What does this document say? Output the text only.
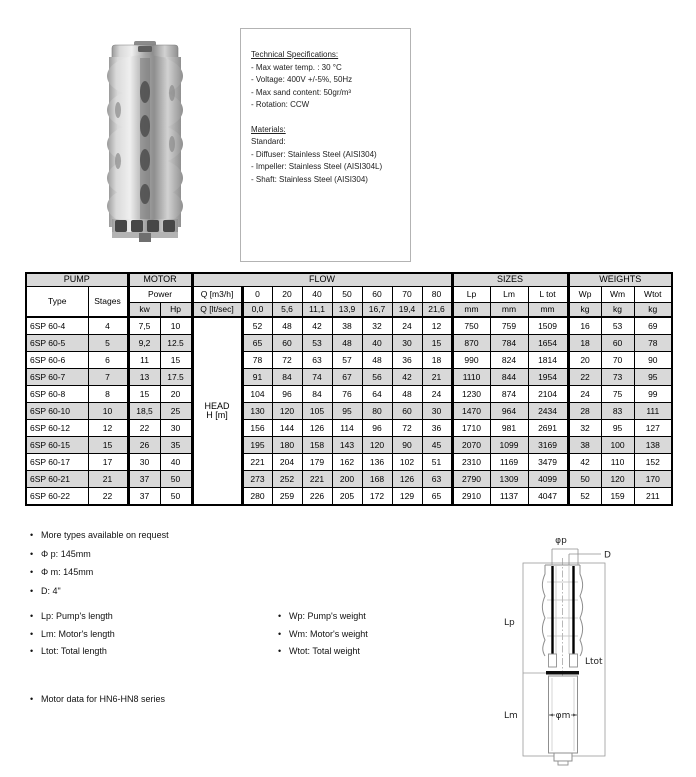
Technical Specifications:
- Max water temp. : 30 °C
- Voltage: 400V +/-5%, 50Hz
- Max sand content: 50gr/m³
- Rotation: CCW
Materials:
Standard:
- Diffuser: Stainless Steel (AISI304)
- Impeller: Stainless Steel (AISI304L)
- Shaft: Stainless Steel (AISI304)
PUMP		MOTOR		FLOW								SIZES			WEIGHTS		
Type	Stages	Power		Q [m3/h]	0	20	40	50	60	70	80	Lp	Lm	L tot	Wp	Wm	Wtot
		kw	Hp	Q [lt/sec]	0,0	5,6	11,1	13,9	16,7	19,4	21,6	mm	mm	mm	kg	kg	kg
6SP 60-4	4	7,5	10	HEAD
H [m]	52	48	42	38	32	24	12	750	759	1509	16	53	69
6SP 60-5	5	9,2	12.5		65	60	53	48	40	30	15	870	784	1654	18	60	78
6SP 60-6	6	11	15		78	72	63	57	48	36	18	990	824	1814	20	70	90
6SP 60-7	7	13	17.5		91	84	74	67	56	42	21	1110	844	1954	22	73	95
6SP 60-8	8	15	20		104	96	84	76	64	48	24	1230	874	2104	24	75	99
6SP 60-10	10	18,5	25		130	120	105	95	80	60	30	1470	964	2434	28	83	111
6SP 60-12	12	22	30		156	144	126	114	96	72	36	1710	981	2691	32	95	127
6SP 60-15	15	26	35		195	180	158	143	120	90	45	2070	1099	3169	38	100	138
6SP 60-17	17	30	40		221	204	179	162	136	102	51	2310	1169	3479	42	110	152
6SP 60-21	21	37	50		273	252	221	200	168	126	63	2790	1309	4099	50	120	170
6SP 60-22	22	37	50		280	259	226	205	172	129	65	2910	1137	4047	52	159	211
• More types available on request
• Φ p: 145mm
• Φ m: 145mm
• D: 4"
• Lp: Pump's length
• Lm: Motor's length
• Ltot: Total length
• Wp: Pump's weight
• Wm: Motor's weight
• Wtot: Total weight
• Motor data for HN6-HN8 series
φp
D
Lp
Ltot
Lm	φm
